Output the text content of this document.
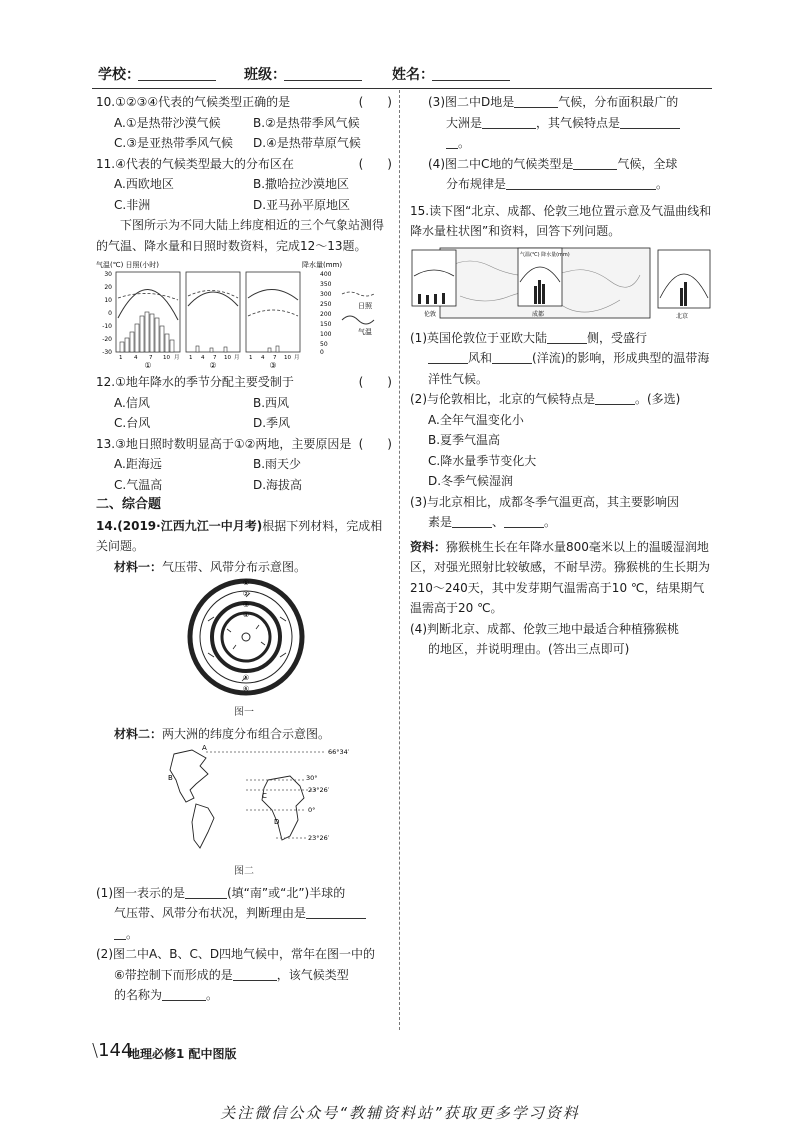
学校：	班级：	姓名：

10.①②③④代表的气候类型正确的是	(　　)

A.①是热带沙漠气候	B.②是热带季风气候
C.③是亚热带季风气候	D.④是热带草原气候

11.④代表的气候类型最大的分布区在	(　　)

A.西欧地区	B.撒哈拉沙漠地区
C.非洲	D.亚马孙平原地区

下图所示为不同大陆上纬度相近的三个气象站测得的气温、降水量和日照时数资料，完成12～13题。

气温(℃) 日照(小时)	降水量(mm)
30
20
10
0
-10
-20
-30
400
350
300
250
200
150
100
50
0
①	②	③
1 4 7 10 月 1 4 7 10 月 1 4 7 10 月
日照
气温

12.①地年降水的季节分配主要受制于	(　　)

A.信风	B.西风
C.台风	D.季风

13.③地日照时数明显高于①②两地，主要原因是 (　　)

A.距海远	B.雨天少
C.气温高	D.海拔高

二、综合题

14.(2019·江西九江一中月考)根据下列材料，完成相关问题。

材料一：气压带、风带分布示意图。

①
②
③
④
⑤
⑥

图一

材料二：两大洲的纬度分布组合示意图。

66°34′
30°
23°26′
0°
23°26′
A
B
C
D

图二

(1)图一表示的是	(填“南”或“北”)半球的

气压带、风带分布状况，判断理由是

。

(2)图二中A、B、C、D四地气候中，常年在图一中的

⑥带控制下而形成的是	，该气候类型

的名称为	。

(3)图二中D地是	气候，分布面积最广的

大洲是	，其气候特点是

。

(4)图二中C地的气候类型是	气候，全球

分布规律是	。

15.读下图“北京、成都、伦敦三地位置示意及气温曲线和降水量柱状图”和资料，回答下列问题。

伦敦	成都	北京
气温(℃) 降水量(mm)

(1)英国伦敦位于亚欧大陆	侧，受盛行

风和	(洋流)的影响，形成典型的温带海

洋性气候。

(2)与伦敦相比，北京的气候特点是	。(多选)

A.全年气温变化小

B.夏季气温高

C.降水量季节变化大

D.冬季气候湿润

(3)与北京相比，成都冬季气温更高，其主要影响因

素是	、	。

资料：猕猴桃生长在年降水量800毫米以上的温暖湿润地区，对强光照射比较敏感，不耐旱涝。猕猴桃的生长期为210～240天，其中发芽期气温需高于10 ℃，结果期气温需高于20 ℃。

(4)判断北京、成都、伦敦三地中最适合种植猕猴桃

的地区，并说明理由。(答出三点即可)

\144
地理必修1 配中图版
关注微信公众号“教辅资料站”获取更多学习资料
